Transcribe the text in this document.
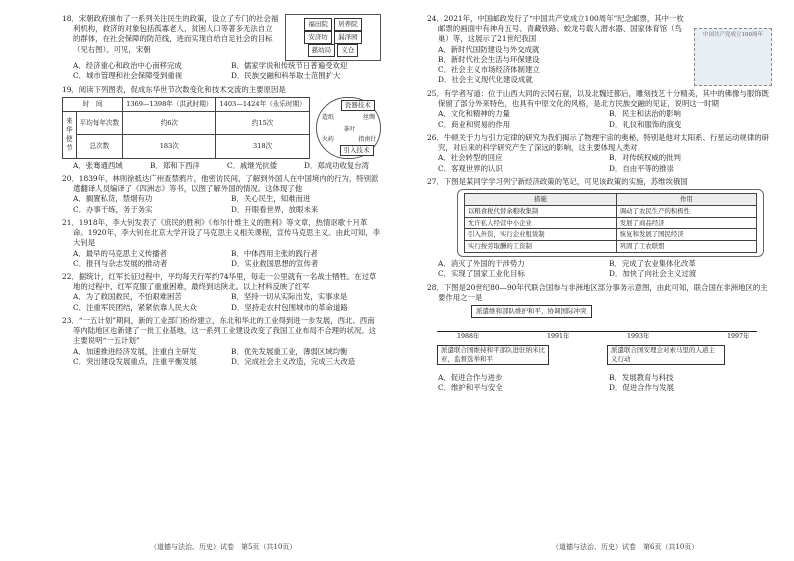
18．宋朝政府颁布了一系列关注民生的政策，设立了专门的社会福利机构，救济的对象包括孤寡老人、贫困人口等著多无法自立的群体，在社会保障的防范线，进而实现自给自足社会的目标（见右图）。可见，宋朝
福田院 居养院
安济坊 漏泽园
慈幼局 义仓
A．经济重心和政治中心南移完成	B．儒家学说和传统节日普遍受欢迎
C．城市管理和社会保障受到重视	D．民族交融和科举取士范围扩大
19．阅读下列图表，促成东华世节次数变化和技术交流的主要原因是
时　间		1369—1398年（洪武时期）	1403—1424年（永乐时期）
来华使节	平均每年次数	约6次	约15次
	总次数	183次	318次
瓷器技术
造纸	丝绸
茶叶
火药	指南针
引入技术
A．张骞通西域	B．郑和下西洋	C．戚继光抗倭	D．郑成功收复台湾
20．1839年，林则徐抵达广州查禁鸦片，他密访民间，了解到外国人在中国境内的行为，特别派遣翻译人员编译了《四洲志》等书，以图了解外国的情况。这体现了他
A．搁置私货，禁烟有功	B．关心民生，知难而进
C．办事干练，务于务实	D．开眼看世界，放眼未来
21．1918年，李大钊发表了《庶民的胜利》《布尔什维主义的胜利》等文章，热情讴歌十月革命。1920年，李大钊在北京大学开设了马克思主义相关课程，宣传马克思主义。由此可知，李大钊是
A．最早的马克思主义传播者	B．中体西用主张的践行者
C．报刊与杂志发展的推动者	D．实业救国思想的宣传者
22．据统计，红军长征过程中，平均每天行军约74华里，每走一公里就有一名战士牺牲。在过草地的过程中，红军克服了重重困难，最终到达陕北。以上材料反映了红军
A．为了救国救民，不怕艰难困苦	B．坚持一切从实际出发，实事求是
C．注重军民团结，紧紧依靠人民大众	D．坚持走农村包围城市的革命道路
23．“一五计划”期间，新的工业部门纷纷建立，东北和华北的工业得到进一步发展，西北、西南等内陆地区也新建了一批工业基地，这一系列工业建设改变了我国工业布局不合理的状况。这主要说明“一五计划”
A．加速推进经济发展，注重自主研发	B．优先发展重工业，薄弱区域均衡
C．突出建设发展重点，注重平衡发展	D．完成社会主义改造，完成三大改造
（道德与法治、历史）试卷　第5页（共10页）
24．2021年，中国邮政发行了“中国共产党成立100周年”纪念邮票，其中一枚邮票的画面中有神舟五号、青藏铁路、蛟龙号载人潜水器、国家体育馆（鸟巢）等，这展示了21世纪我国
A．新时代国防建设与外交成就
B．新时代社会生活与环保建设
C．社会主义市场经济体制建立
D．社会主义现代化建设成就
中国共产党成立100周年
25．有学者写道：位于山西大同的云冈石窟，以及北魏迁都后，雕刻技艺十分精美，其中的佛像与服饰既保留了部分外来特色，也具有中原文化的风格，是北方民族交融的见证，说明这一时期
A．文化和精神的力量	B．民主和法治的影响
C．商业和贸易的作用	D．礼仪和服饰的演变
26．牛顿关于力与引力定律的研究为我们揭示了物理宇宙的奥秘，特别是他对太阳系、行星运动规律的研究，对后来的科学研究产生了深远的影响，这主要体现人类对
A．社会转型的回应	B．对传统权威的批判
C．客观世界的认识	D．自由平等的推崇
27．下图是某同学学习列宁新经济政策的笔记，可见该政策的实施，苏维埃俄国
措施	作用
以粮食税代替余粮收集制	调动了农民生产的积极性
允许私人经营中小企业	发展了商品经济
引入外资，实行企业租赁制	恢复和发展了国民经济
实行按劳取酬的工资制	巩固了工农联盟
A．消灭了外国的干涉势力	B．完成了农业集体化改革
C．实现了国家工业化目标	D．加快了向社会主义过渡
28．下图是20世纪80—90年代联合国参与非洲地区部分事务示意图，由此可知，联合国在非洲地区的主要作用之一是
派遣维和部队维护和平，协调国际冲突
1988年	1991年	1993年	1997年
派遣联合国维持和平部队进驻纳米比亚，监督选举和平
派遣联合国安理会对索马里的人道主义行动
A．促进合作与进步	B．发展教育与科技
C．维护和平与安全	D．促进合作与发展
（道德与法治、历史）试卷　第6页（共10页）
